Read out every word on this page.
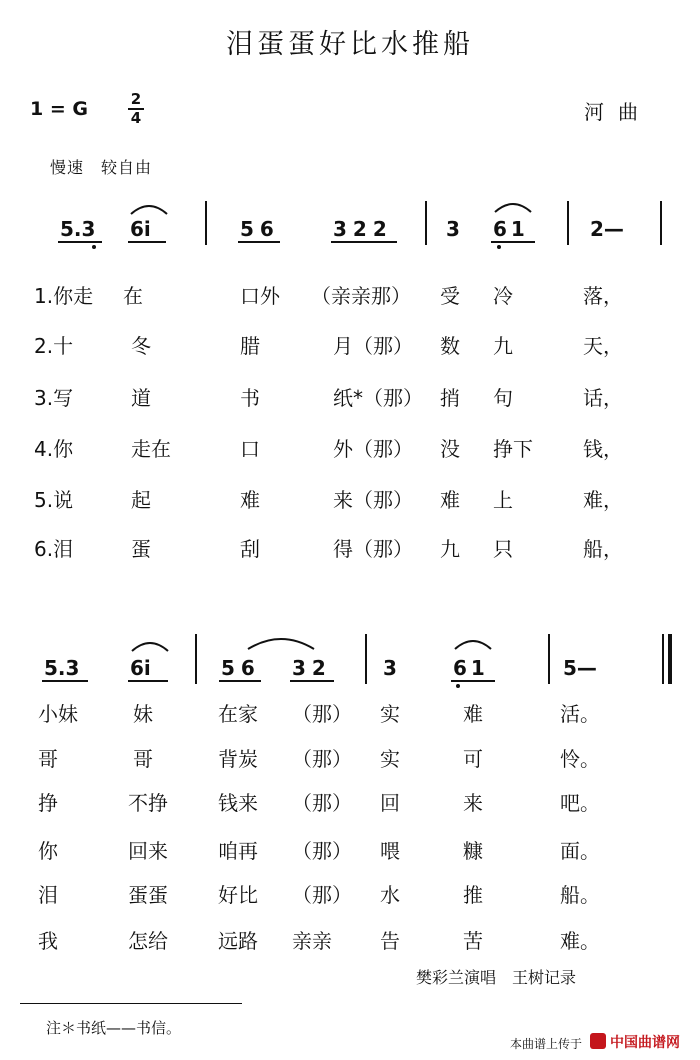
泪蛋蛋好比水推船
1 = G	2
4	河曲
慢速　较自由
5.3 6i	56	322	3 61	2—
1.你走 在	口外 （亲亲那） 受 冷	落，
2.十	冬	腊	月（那） 数 九	天，
3.写	道	书	纸*（那） 捎 句	话，
4.你	走在	口	外（那） 没 挣下	钱，
5.说	起	难	来（那） 难 上	难，
6.泪	蛋	刮	得（那） 九 只	船，
5.3	6i	56 32	3	61	5—
小妹	妹	在家 （那） 实	难	活。
哥	哥	背炭 （那） 实	可	怜。
挣	不挣	钱来 （那） 回	来	吧。
你	回来	咱再 （那） 喂	糠	面。
泪	蛋蛋	好比 （那） 水	推	船。
我	怎给	远路 亲亲 告	苦	难。
樊彩兰演唱　王树记录
注＊书纸——书信。
本曲谱上传于 中国曲谱网
